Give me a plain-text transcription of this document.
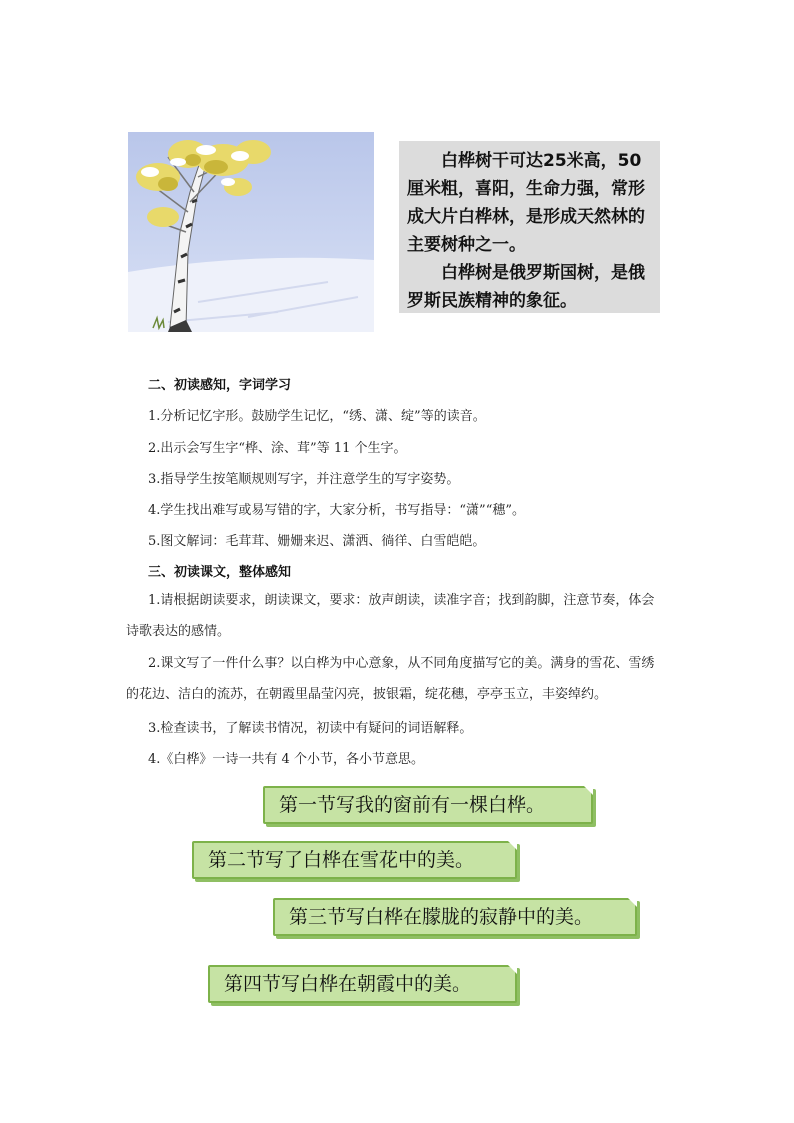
白桦树干可达25米高，50厘米粗，喜阳，生命力强，常形成大片白桦林，是形成天然林的主要树种之一。

白桦树是俄罗斯国树，是俄罗斯民族精神的象征。

二、初读感知，字词学习
1.分析记忆字形。鼓励学生记忆，“绣、潇、绽”等的读音。
2.出示会写生字“桦、涂、茸”等 11 个生字。
3.指导学生按笔顺规则写字，并注意学生的写字姿势。
4.学生找出难写或易写错的字，大家分析，书写指导：“潇”“穗”。
5.图文解词：毛茸茸、姗姗来迟、潇洒、徜徉、白雪皑皑。
三、初读课文，整体感知
1.请根据朗读要求，朗读课文，要求：放声朗读，读准字音；找到韵脚，注意节奏，体会诗歌表达的感情。
2.课文写了一件什么事？以白桦为中心意象，从不同角度描写它的美。满身的雪花、雪绣的花边、洁白的流苏，在朝霞里晶莹闪亮，披银霜，绽花穗，亭亭玉立，丰姿绰约。
3.检查读书，了解读书情况，初读中有疑问的词语解释。
4.《白桦》一诗一共有 4 个小节，各小节意思。
第一节写我的窗前有一棵白桦。
第二节写了白桦在雪花中的美。
第三节写白桦在朦胧的寂静中的美。
第四节写白桦在朝霞中的美。
